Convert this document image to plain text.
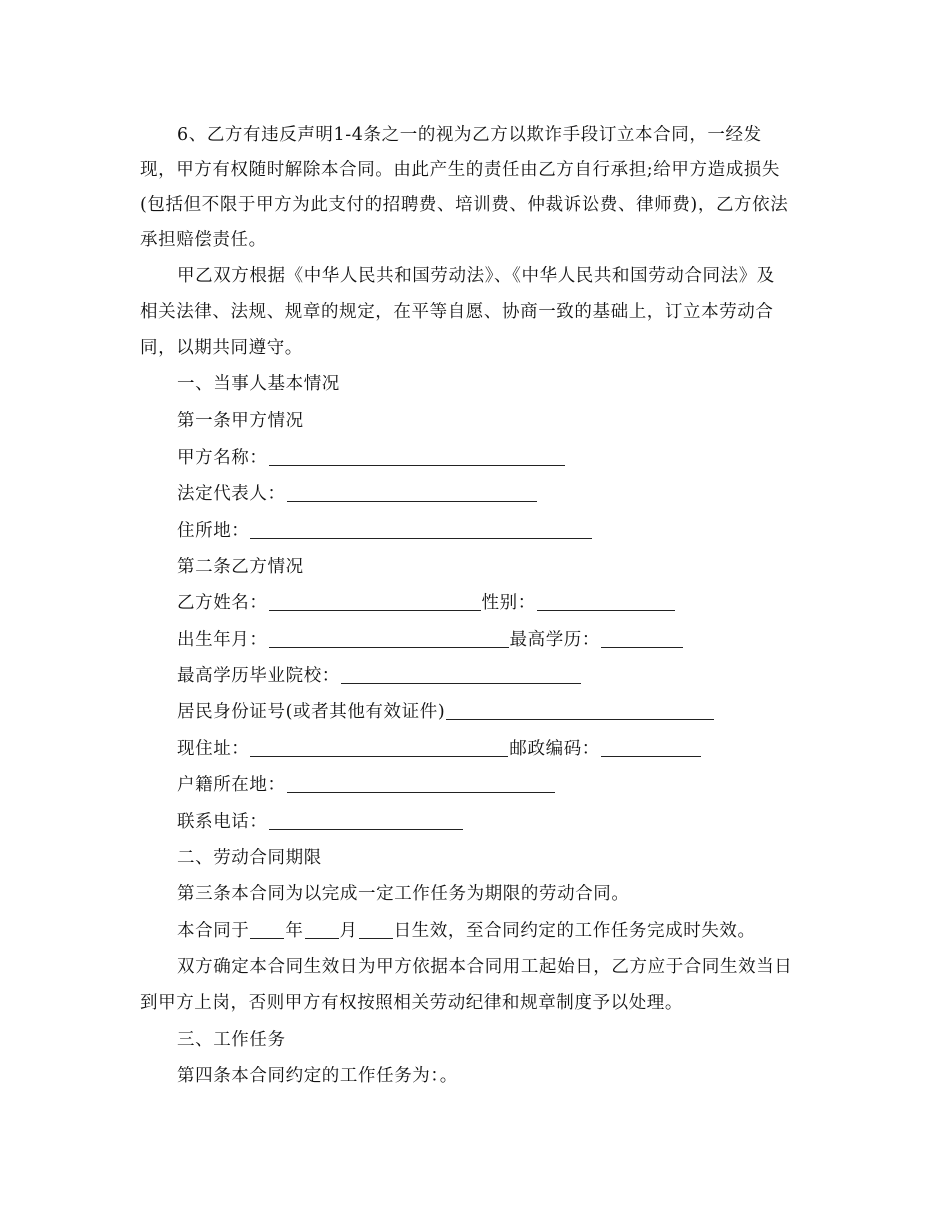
6、乙方有违反声明1-4条之一的视为乙方以欺诈手段订立本合同，一经发
现，甲方有权随时解除本合同。由此产生的责任由乙方自行承担;给甲方造成损失
(包括但不限于甲方为此支付的招聘费、培训费、仲裁诉讼费、律师费)，乙方依法
承担赔偿责任。
甲乙双方根据《中华人民共和国劳动法》、《中华人民共和国劳动合同法》及
相关法律、法规、规章的规定，在平等自愿、协商一致的基础上，订立本劳动合
同，以期共同遵守。
一、当事人基本情况
第一条甲方情况
甲方名称：
法定代表人：
住所地：
第二条乙方情况
乙方姓名：	性别：
出生年月：	最高学历：
最高学历毕业院校：
居民身份证号(或者其他有效证件)
现住址：	邮政编码：
户籍所在地：
联系电话：
二、劳动合同期限
第三条本合同为以完成一定工作任务为期限的劳动合同。
本合同于 年 月 日生效，至合同约定的工作任务完成时失效。
双方确定本合同生效日为甲方依据本合同用工起始日，乙方应于合同生效当日
到甲方上岗，否则甲方有权按照相关劳动纪律和规章制度予以处理。
三、工作任务
第四条本合同约定的工作任务为：。
